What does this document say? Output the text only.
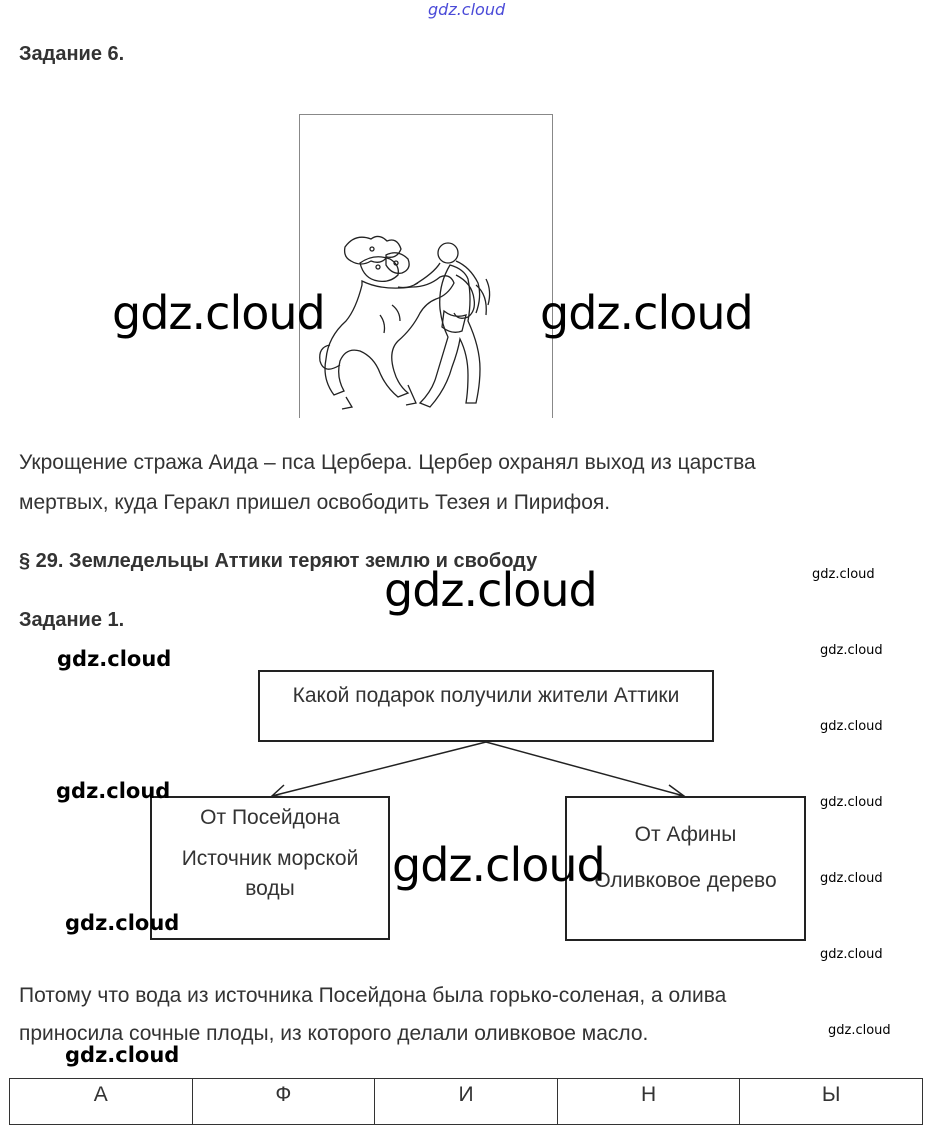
gdz.cloud
Задание 6.
gdz.cloud	gdz.cloud
Укрощение стража Аида – пса Цербера. Цербер охранял выход из царства
мертвых, куда Геракл пришел освободить Тезея и Пирифоя.
§ 29. Земледельцы Аттики теряют землю и свободу
gdz.cloud
gdz.cloud
Задание 1.
gdz.cloud	gdz.cloud
gdz.cloud
gdz.cloud
gdz.cloud
gdz.cloud
gdz.cloud
Какой подарок получили жители Аттики
От Посейдона
Источник морской воды
От Афины
Оливковое дерево
gdz.cloud
gdz.cloud
gdz.cloud
Потому что вода из источника Посейдона была горько-соленая, а олива
приносила сочные плоды, из которого делали оливковое масло.
gdz.cloud
А	Ф	И	Н	Ы
